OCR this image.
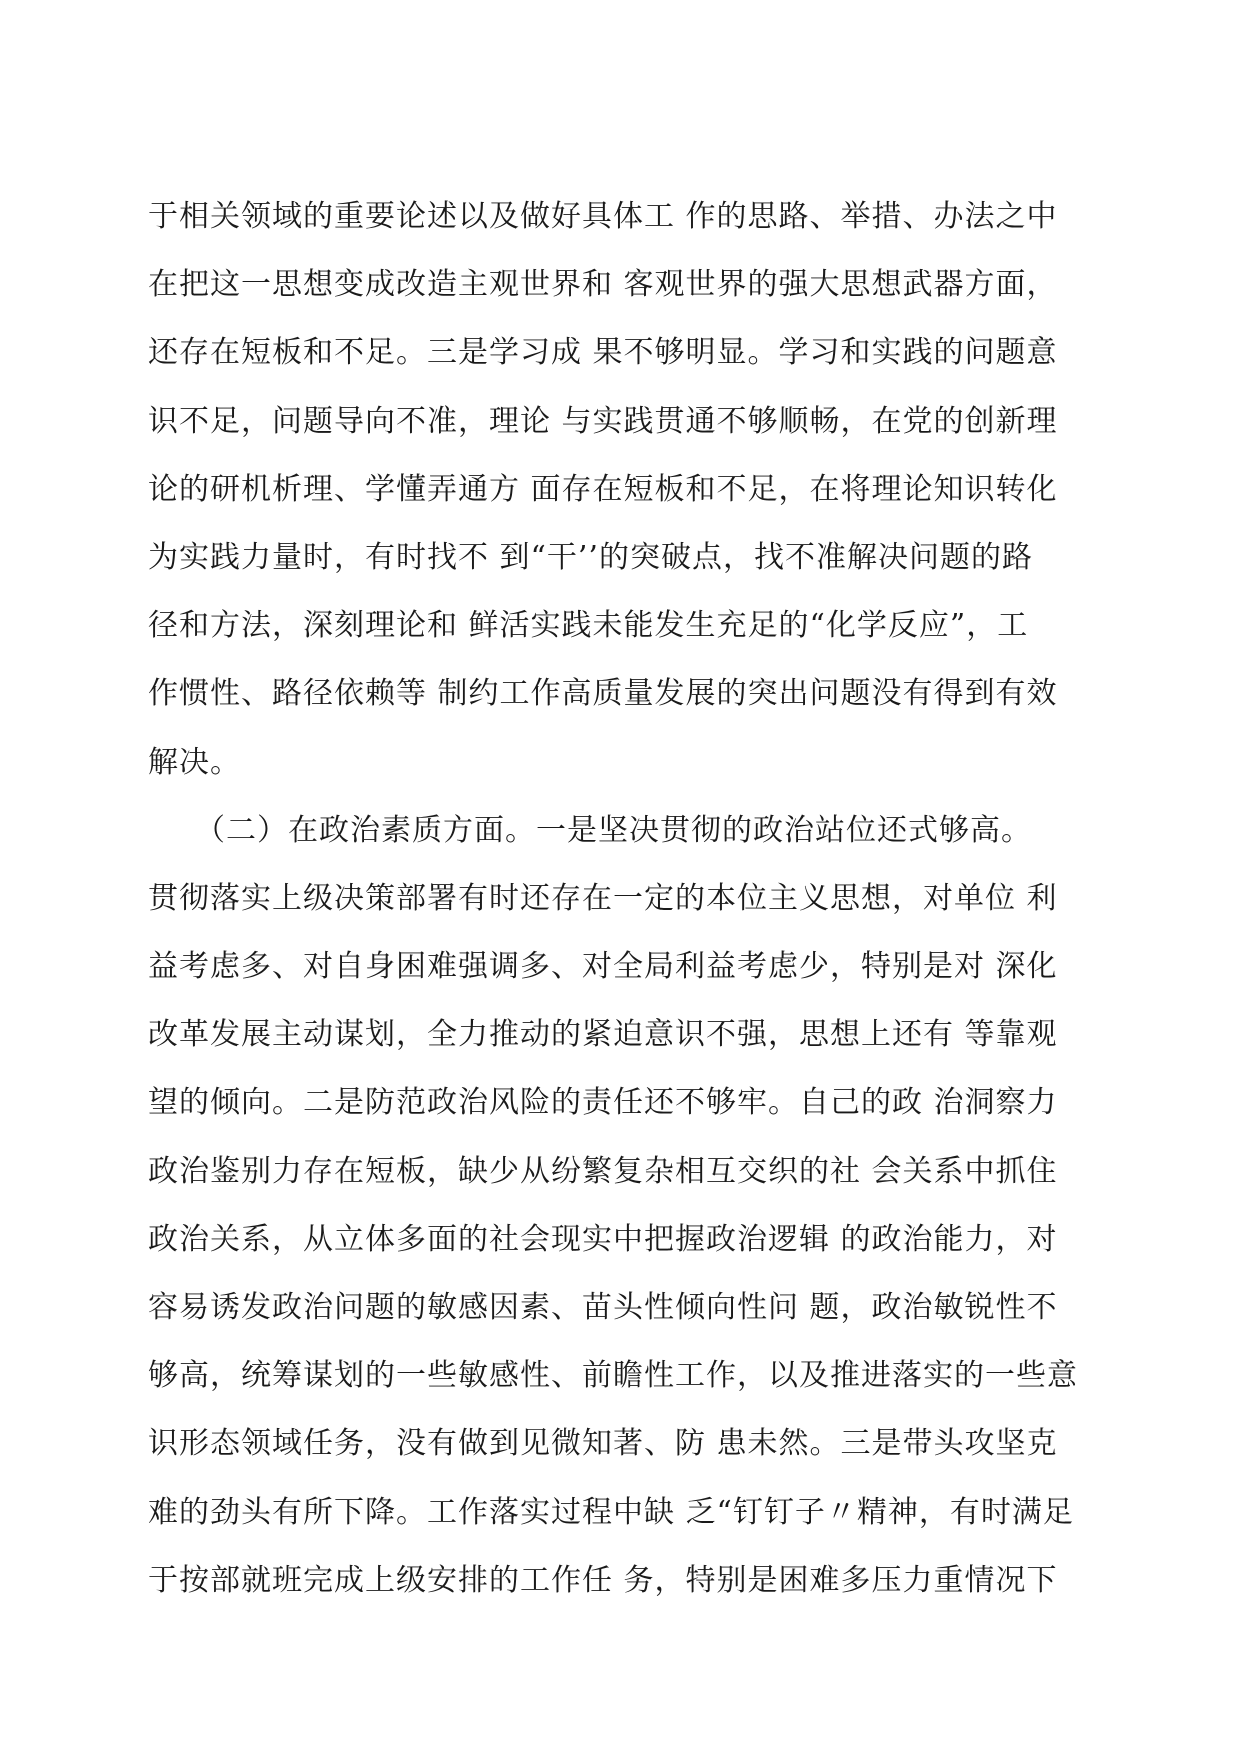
于相关领域的重要论述以及做好具体工 作的思路、举措、办法之中
在把这一思想变成改造主观世界和 客观世界的强大思想武器方面，
还存在短板和不足。三是学习成 果不够明显。学习和实践的问题意
识不足，问题导向不准，理论 与实践贯通不够顺畅，在党的创新理
论的研机析理、学懂弄通方 面存在短板和不足，在将理论知识转化
为实践力量时，有时找不 到“干’’的突破点，找不准解决问题的路
径和方法，深刻理论和 鲜活实践未能发生充足的“化学反应”，工
作惯性、路径依赖等 制约工作高质量发展的突出问题没有得到有效
解决。
　　（二）在政治素质方面。一是坚决贯彻的政治站位还式够高。
贯彻落实上级决策部署有时还存在一定的本位主义思想，对单位 利
益考虑多、对自身困难强调多、对全局利益考虑少，特别是对 深化
改革发展主动谋划，全力推动的紧迫意识不强，思想上还有 等靠观
望的倾向。二是防范政治风险的责任还不够牢。自己的政 治洞察力
政治鉴别力存在短板，缺少从纷繁复杂相互交织的社 会关系中抓住
政治关系，从立体多面的社会现实中把握政治逻辑 的政治能力，对
容易诱发政治问题的敏感因素、苗头性倾向性问 题，政治敏锐性不
够高，统筹谋划的一些敏感性、前瞻性工作，以及推进落实的一些意
识形态领域任务，没有做到见微知著、防 患未然。三是带头攻坚克
难的劲头有所下降。工作落实过程中缺 乏“钉钉子〃精神，有时满足
于按部就班完成上级安排的工作任 务，特别是困难多压力重情况下
